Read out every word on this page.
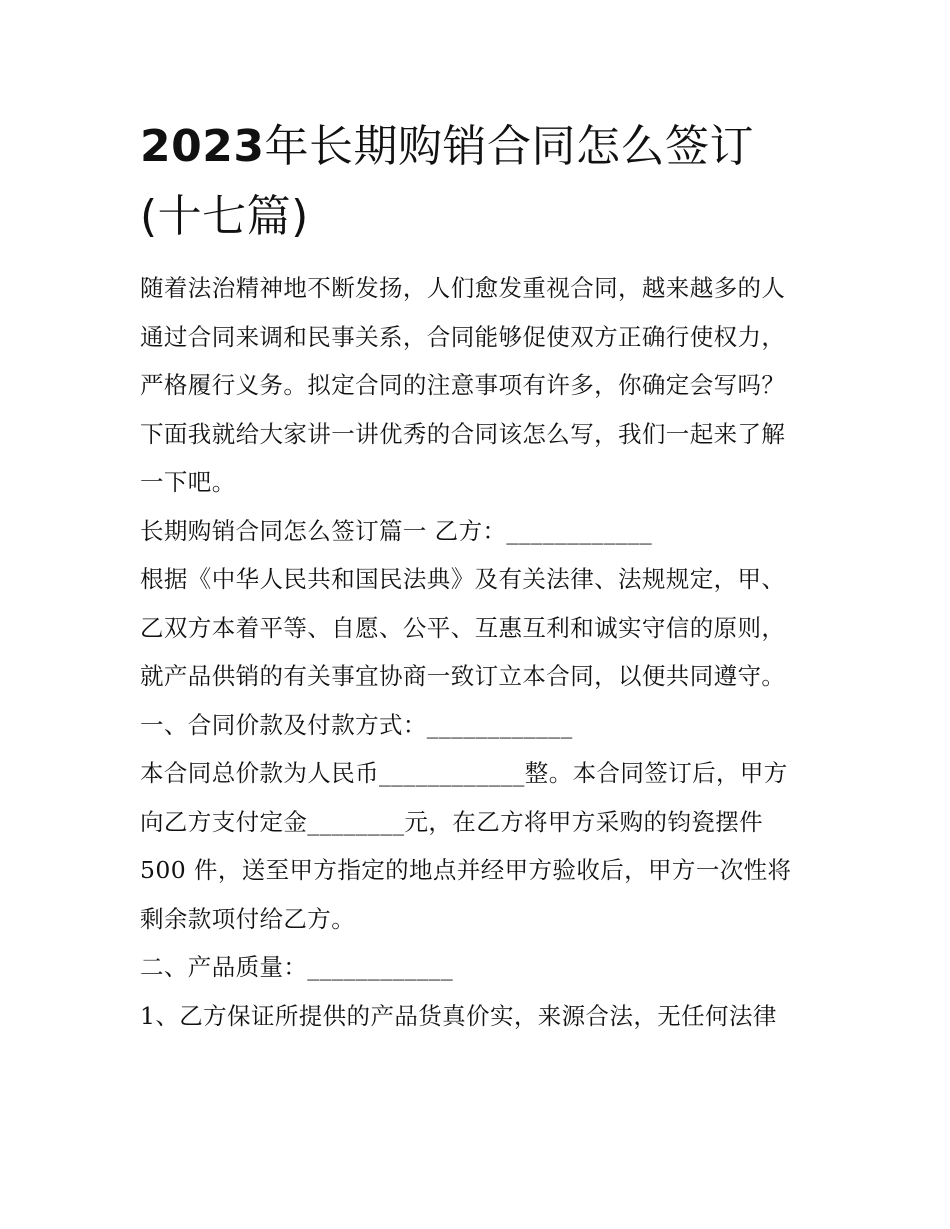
2023年长期购销合同怎么签订
(十七篇)

随着法治精神地不断发扬，人们愈发重视合同，越来越多的人
通过合同来调和民事关系，合同能够促使双方正确行使权力，
严格履行义务。拟定合同的注意事项有许多，你确定会写吗？
下面我就给大家讲一讲优秀的合同该怎么写，我们一起来了解
一下吧。

长期购销合同怎么签订篇一 乙方：____________

根据《中华人民共和国民法典》及有关法律、法规规定，甲、
乙双方本着平等、自愿、公平、互惠互利和诚实守信的原则，
就产品供销的有关事宜协商一致订立本合同，以便共同遵守。

一、合同价款及付款方式：____________

本合同总价款为人民币____________整。本合同签订后，甲方
向乙方支付定金________元，在乙方将甲方采购的钧瓷摆件
500 件，送至甲方指定的地点并经甲方验收后，甲方一次性将
剩余款项付给乙方。

二、产品质量：____________

1、乙方保证所提供的产品货真价实，来源合法，无任何法律
